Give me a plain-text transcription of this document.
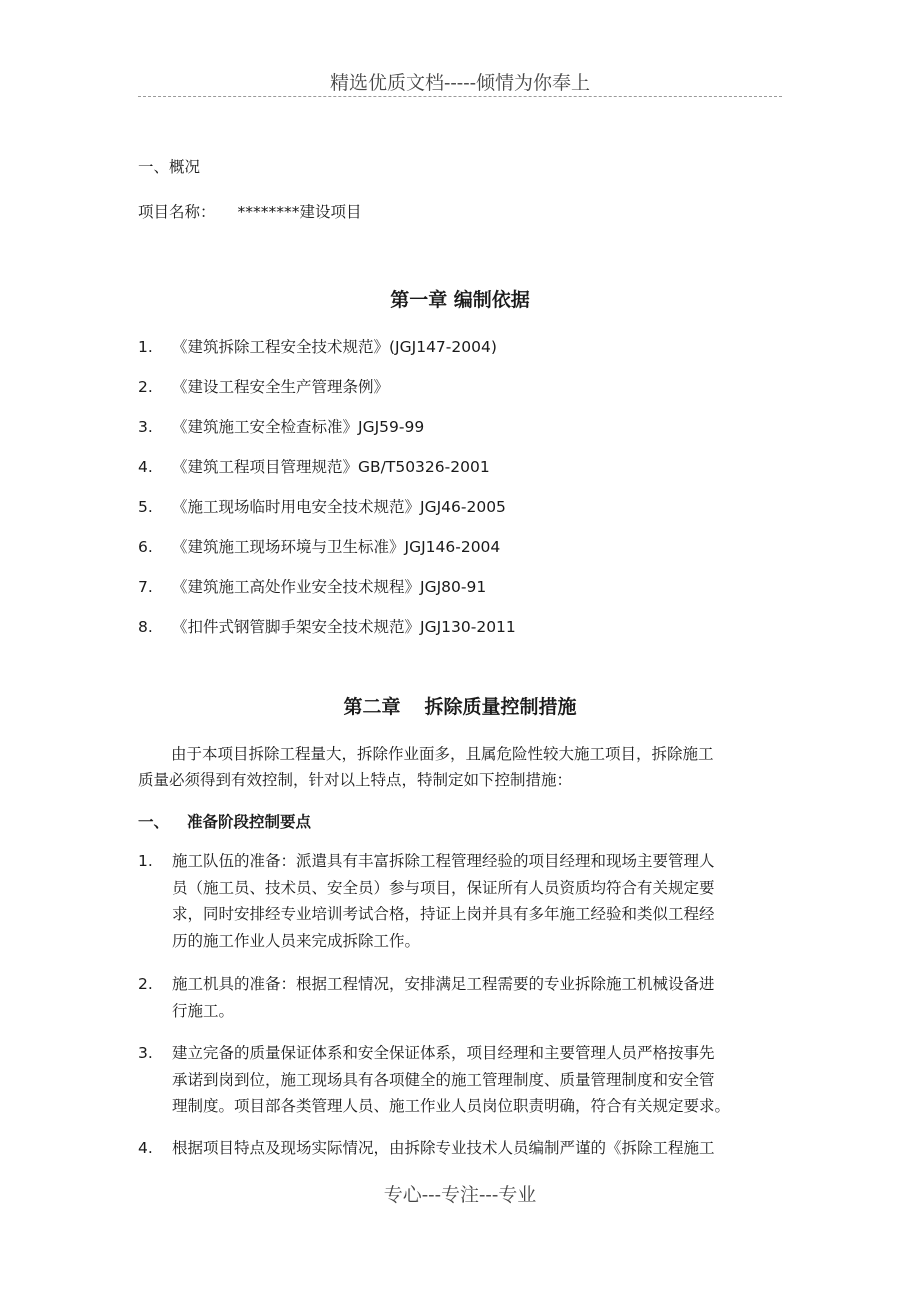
精选优质文档-----倾情为你奉上
一、概况
项目名称： ********建设项目
第一章 编制依据
1. 《建筑拆除工程安全技术规范》(JGJ147-2004)
2. 《建设工程安全生产管理条例》
3. 《建筑施工安全检查标准》JGJ59-99
4. 《建筑工程项目管理规范》GB/T50326-2001
5. 《施工现场临时用电安全技术规范》JGJ46-2005
6. 《建筑施工现场环境与卫生标准》JGJ146-2004
7. 《建筑施工高处作业安全技术规程》JGJ80-91
8. 《扣件式钢管脚手架安全技术规范》JGJ130-2011
第二章 拆除质量控制措施
由于本项目拆除工程量大，拆除作业面多，且属危险性较大施工项目，拆除施工
质量必须得到有效控制，针对以上特点，特制定如下控制措施：
一、 准备阶段控制要点
1. 施工队伍的准备：派遣具有丰富拆除工程管理经验的项目经理和现场主要管理人
员（施工员、技术员、安全员）参与项目，保证所有人员资质均符合有关规定要
求，同时安排经专业培训考试合格，持证上岗并具有多年施工经验和类似工程经
历的施工作业人员来完成拆除工作。
2. 施工机具的准备：根据工程情况，安排满足工程需要的专业拆除施工机械设备进
行施工。
3. 建立完备的质量保证体系和安全保证体系，项目经理和主要管理人员严格按事先
承诺到岗到位，施工现场具有各项健全的施工管理制度、质量管理制度和安全管
理制度。项目部各类管理人员、施工作业人员岗位职责明确，符合有关规定要求。
4. 根据项目特点及现场实际情况，由拆除专业技术人员编制严谨的《拆除工程施工
专心---专注---专业
